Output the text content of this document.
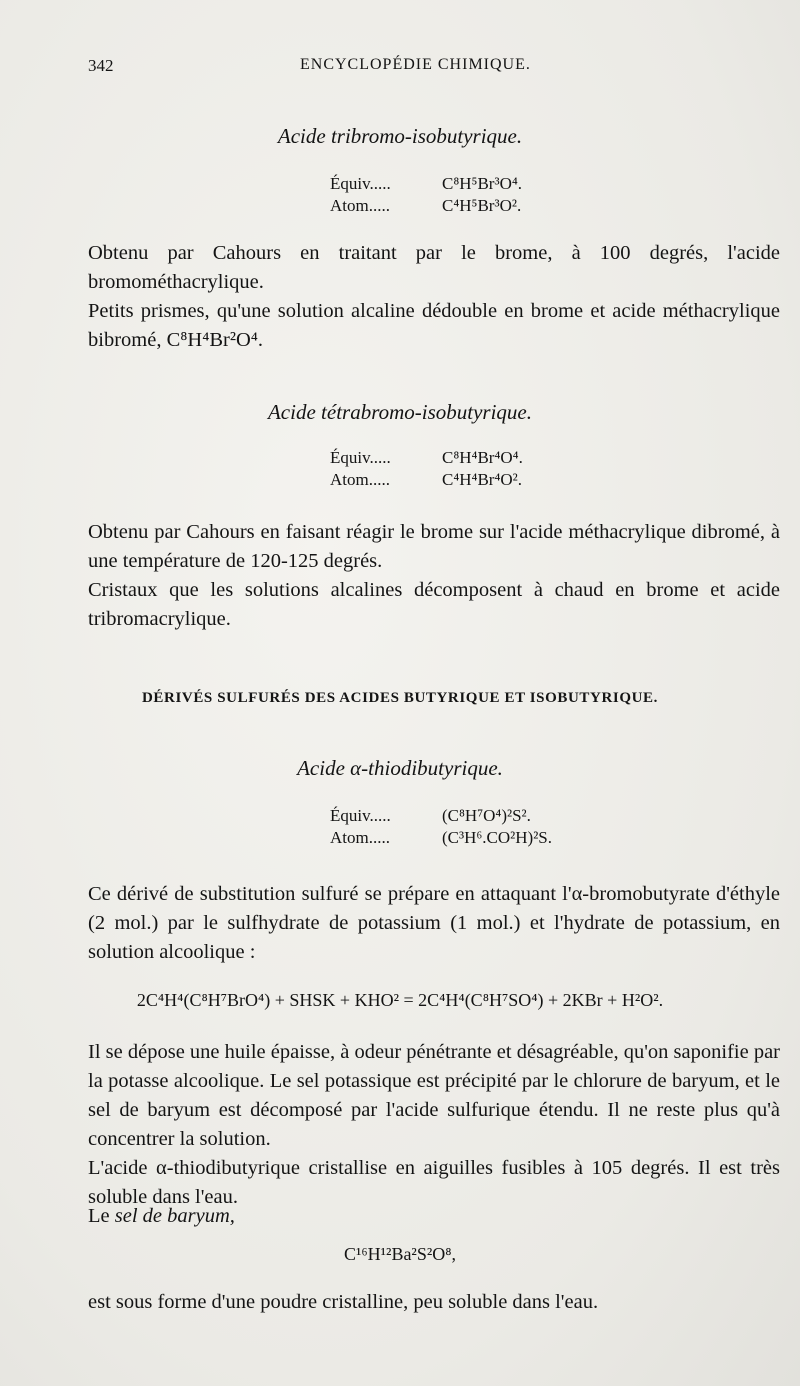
342	ENCYCLOPÉDIE CHIMIQUE.
Acide tribromo-isobutyrique.
Équiv.....	C⁸H⁵Br³O⁴.
Atom.....	C⁴H⁵Br³O².
Obtenu par Cahours en traitant par le brome, à 100 degrés, l'acide bromométhacrylique.
Petits prismes, qu'une solution alcaline dédouble en brome et acide méthacrylique bibromé, C⁸H⁴Br²O⁴.
Acide tétrabromo-isobutyrique.
Équiv.....	C⁸H⁴Br⁴O⁴.
Atom.....	C⁴H⁴Br⁴O².
Obtenu par Cahours en faisant réagir le brome sur l'acide méthacrylique dibromé, à une température de 120-125 degrés.
Cristaux que les solutions alcalines décomposent à chaud en brome et acide tribromacrylique.
DÉRIVÉS SULFURÉS DES ACIDES BUTYRIQUE ET ISOBUTYRIQUE.
Acide α-thiodibutyrique.
Équiv.....	(C⁸H⁷O⁴)²S².
Atom.....	(C³H⁶.CO²H)²S.
Ce dérivé de substitution sulfuré se prépare en attaquant l'α-bromobutyrate d'éthyle (2 mol.) par le sulfhydrate de potassium (1 mol.) et l'hydrate de potassium, en solution alcoolique :
2C⁴H⁴(C⁸H⁷BrO⁴) + SHSK + KHO² = 2C⁴H⁴(C⁸H⁷SO⁴) + 2KBr + H²O².
Il se dépose une huile épaisse, à odeur pénétrante et désagréable, qu'on saponifie par la potasse alcoolique. Le sel potassique est précipité par le chlorure de baryum, et le sel de baryum est décomposé par l'acide sulfurique étendu. Il ne reste plus qu'à concentrer la solution.
L'acide α-thiodibutyrique cristallise en aiguilles fusibles à 105 degrés. Il est très soluble dans l'eau.
Le sel de baryum,
C¹⁶H¹²Ba²S²O⁸,
est sous forme d'une poudre cristalline, peu soluble dans l'eau.
